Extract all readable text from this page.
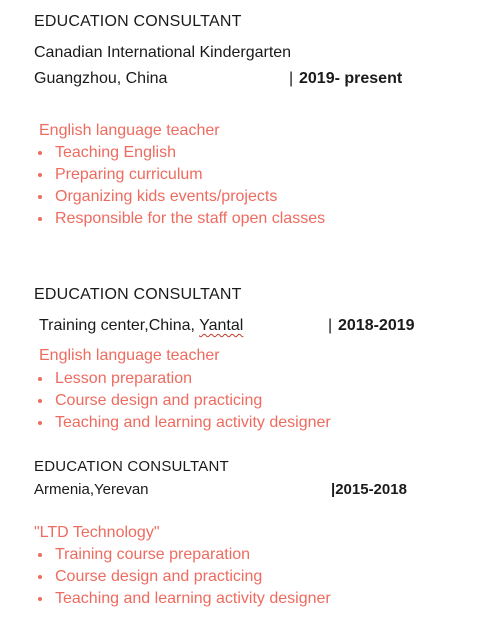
EDUCATION CONSULTANT
Canadian International Kindergarten
Guangzhou, China	| 2019- present
English language teacher
Teaching English
Preparing curriculum
Organizing kids events/projects
Responsible for the staff open classes
EDUCATION CONSULTANT
Training center,China, Yantal	| 2018-2019
English language teacher
Lesson preparation
Course design and practicing
Teaching and learning activity designer
EDUCATION CONSULTANT
Armenia,Yerevan	|2015-2018
"LTD Technology"
Training course preparation
Course design and practicing
Teaching and learning activity designer
